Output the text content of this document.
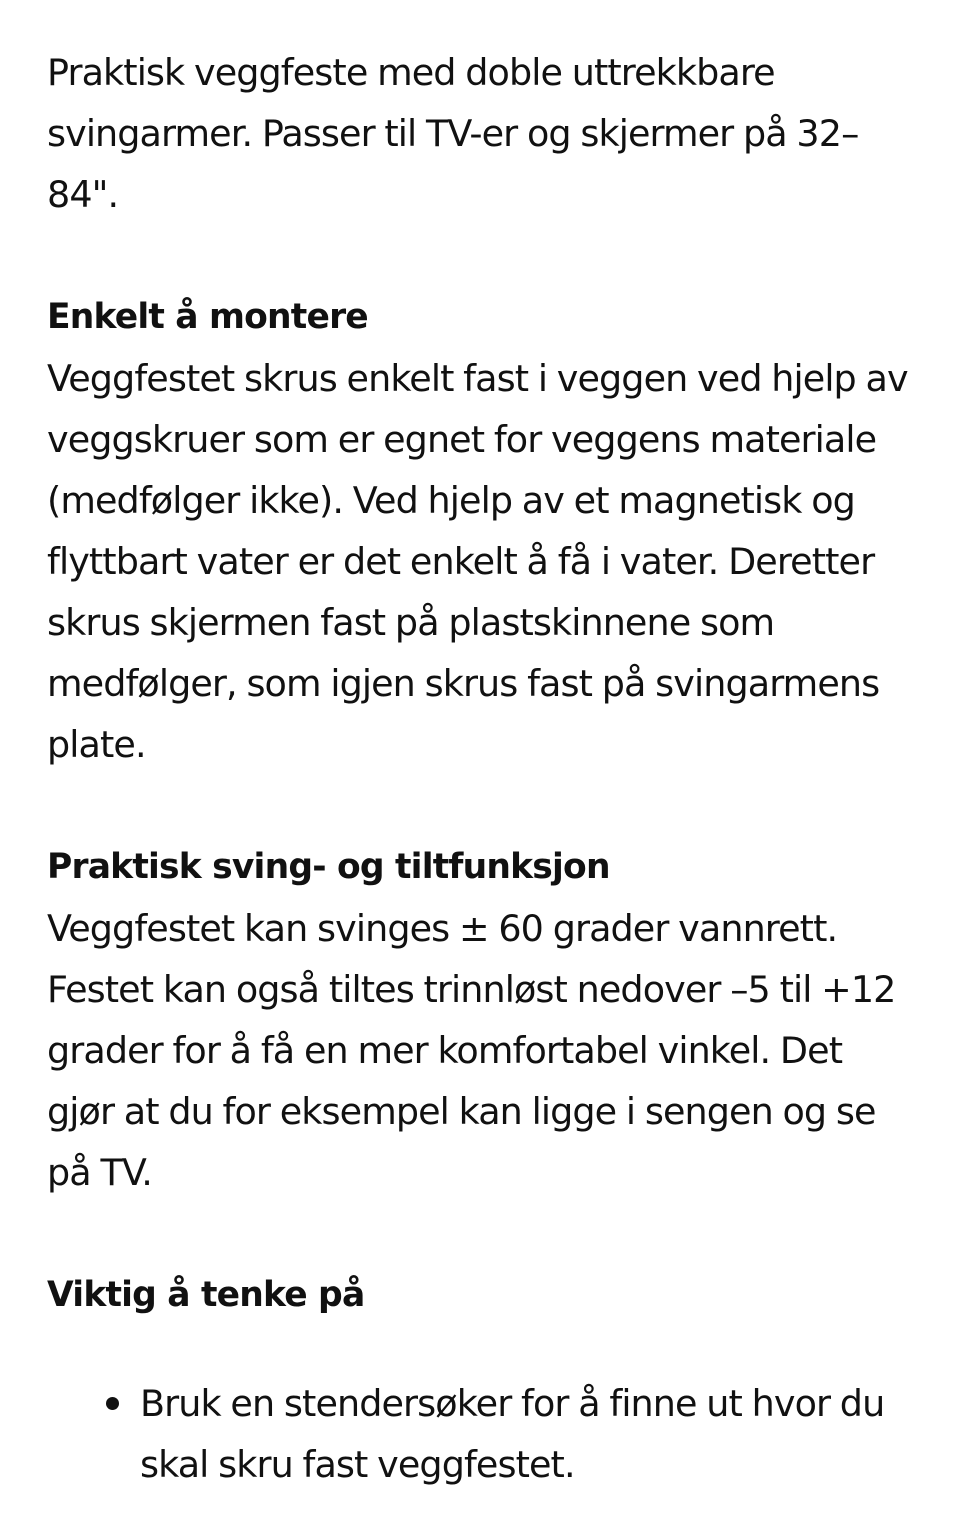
Praktisk veggfeste med doble uttrekkbare svingarmer. Passer til TV-er og skjermer på 32–84".

Enkelt å montere

Veggfestet skrus enkelt fast i veggen ved hjelp av veggskruer som er egnet for veggens materiale (medfølger ikke). Ved hjelp av et magnetisk og flyttbart vater er det enkelt å få i vater. Deretter skrus skjermen fast på plastskinnene som medfølger, som igjen skrus fast på svingarmens plate.

Praktisk sving- og tiltfunksjon

Veggfestet kan svinges ± 60 grader vannrett. Festet kan også tiltes trinnløst nedover –5 til +12 grader for å få en mer komfortabel vinkel. Det gjør at du for eksempel kan ligge i sengen og se på TV.

Viktig å tenke på
Bruk en stendersøker for å finne ut hvor du skal skru fast veggfestet.
